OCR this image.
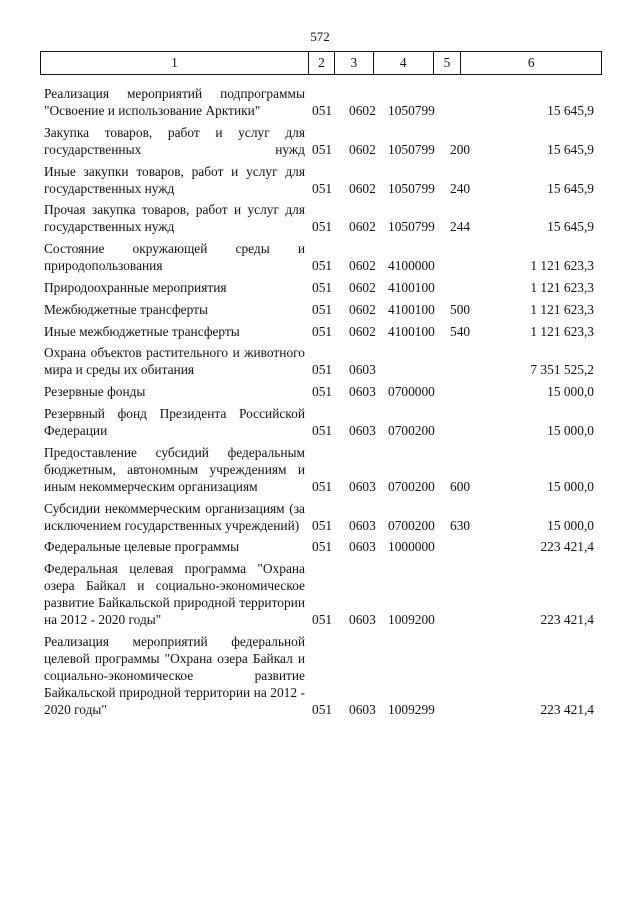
572
1	2	3	4	5	6
Реализация мероприятий подпрограммы "Освоение и использование Арктики"	051 0602 1050799	15 645,9
Закупка товаров, работ и услуг для государственных нужд 051 0602 1050799 200	15 645,9
Иные закупки товаров, работ и услуг для государственных нужд	051 0602 1050799 240	15 645,9
Прочая закупка товаров, работ и услуг для государственных нужд	051 0602 1050799 244	15 645,9
Состояние окружающей среды и природопользования	051 0602 4100000	1 121 623,3
Природоохранные мероприятия	051 0602 4100100	1 121 623,3
Межбюджетные трансферты	051 0602 4100100 500	1 121 623,3
Иные межбюджетные трансферты	051 0602 4100100 540	1 121 623,3
Охрана объектов растительного и животного мира и среды их обитания	051 0603	7 351 525,2
Резервные фонды	051 0603 0700000	15 000,0
Резервный фонд Президента Российской Федерации	051 0603 0700200	15 000,0
Предоставление субсидий федеральным бюджетным, автономным учреждениям и иным некоммерческим организациям	051 0603 0700200 600	15 000,0
Субсидии некоммерческим организациям (за исключением государственных учреждений) 051 0603 0700200 630	15 000,0
Федеральные целевые программы	051 0603 1000000	223 421,4
Федеральная целевая программа "Охрана озера Байкал и социально-экономическое развитие Байкальской природной территории на 2012 - 2020 годы"	051 0603 1009200	223 421,4
Реализация мероприятий федеральной целевой программы "Охрана озера Байкал и социально-экономическое развитие Байкальской природной территории на 2012 - 2020 годы"	051 0603 1009299	223 421,4
